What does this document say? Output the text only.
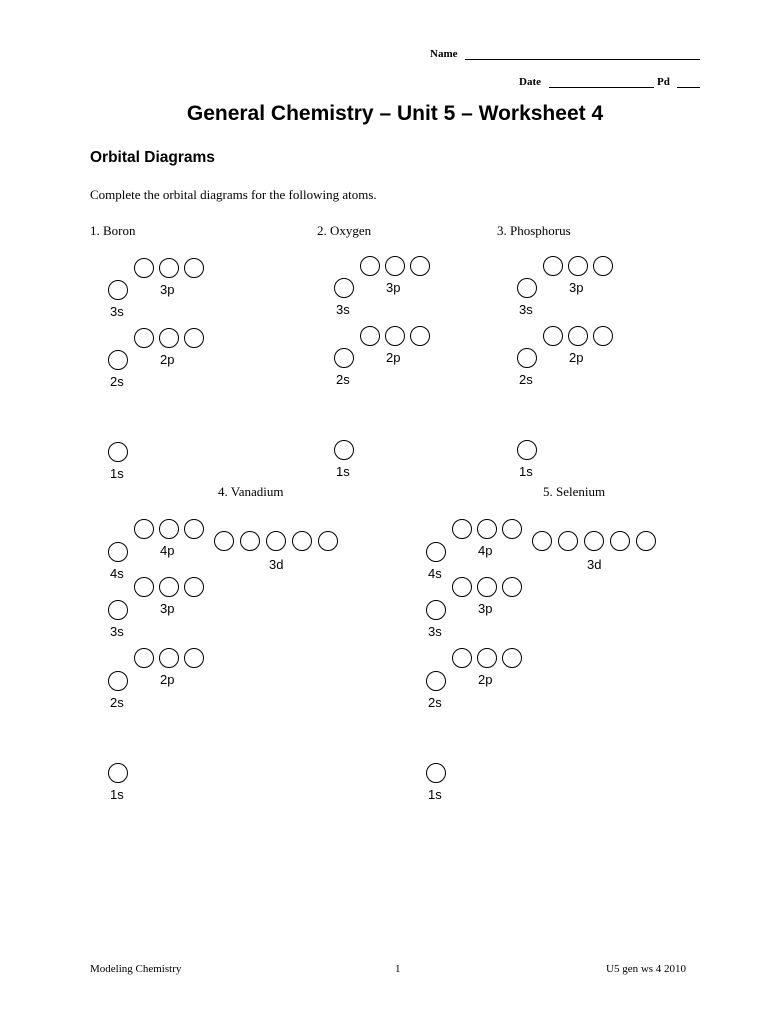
Name
Date	Pd
General Chemistry – Unit 5 – Worksheet 4
Orbital Diagrams
Complete the orbital diagrams for the following atoms.
1. Boron	2. Oxygen	3. Phosphorus
4. Vanadium	5. Selenium
3p
3s
2p
2s
1s
3p
3s
2p
2s
1s
3p
3s
2p
2s
1s
4p
3d
4s
3p
3s
2p
2s
1s
4p
3d
4s
3p
3s
2p
2s
1s
Modeling Chemistry	1	U5 gen ws 4 2010
